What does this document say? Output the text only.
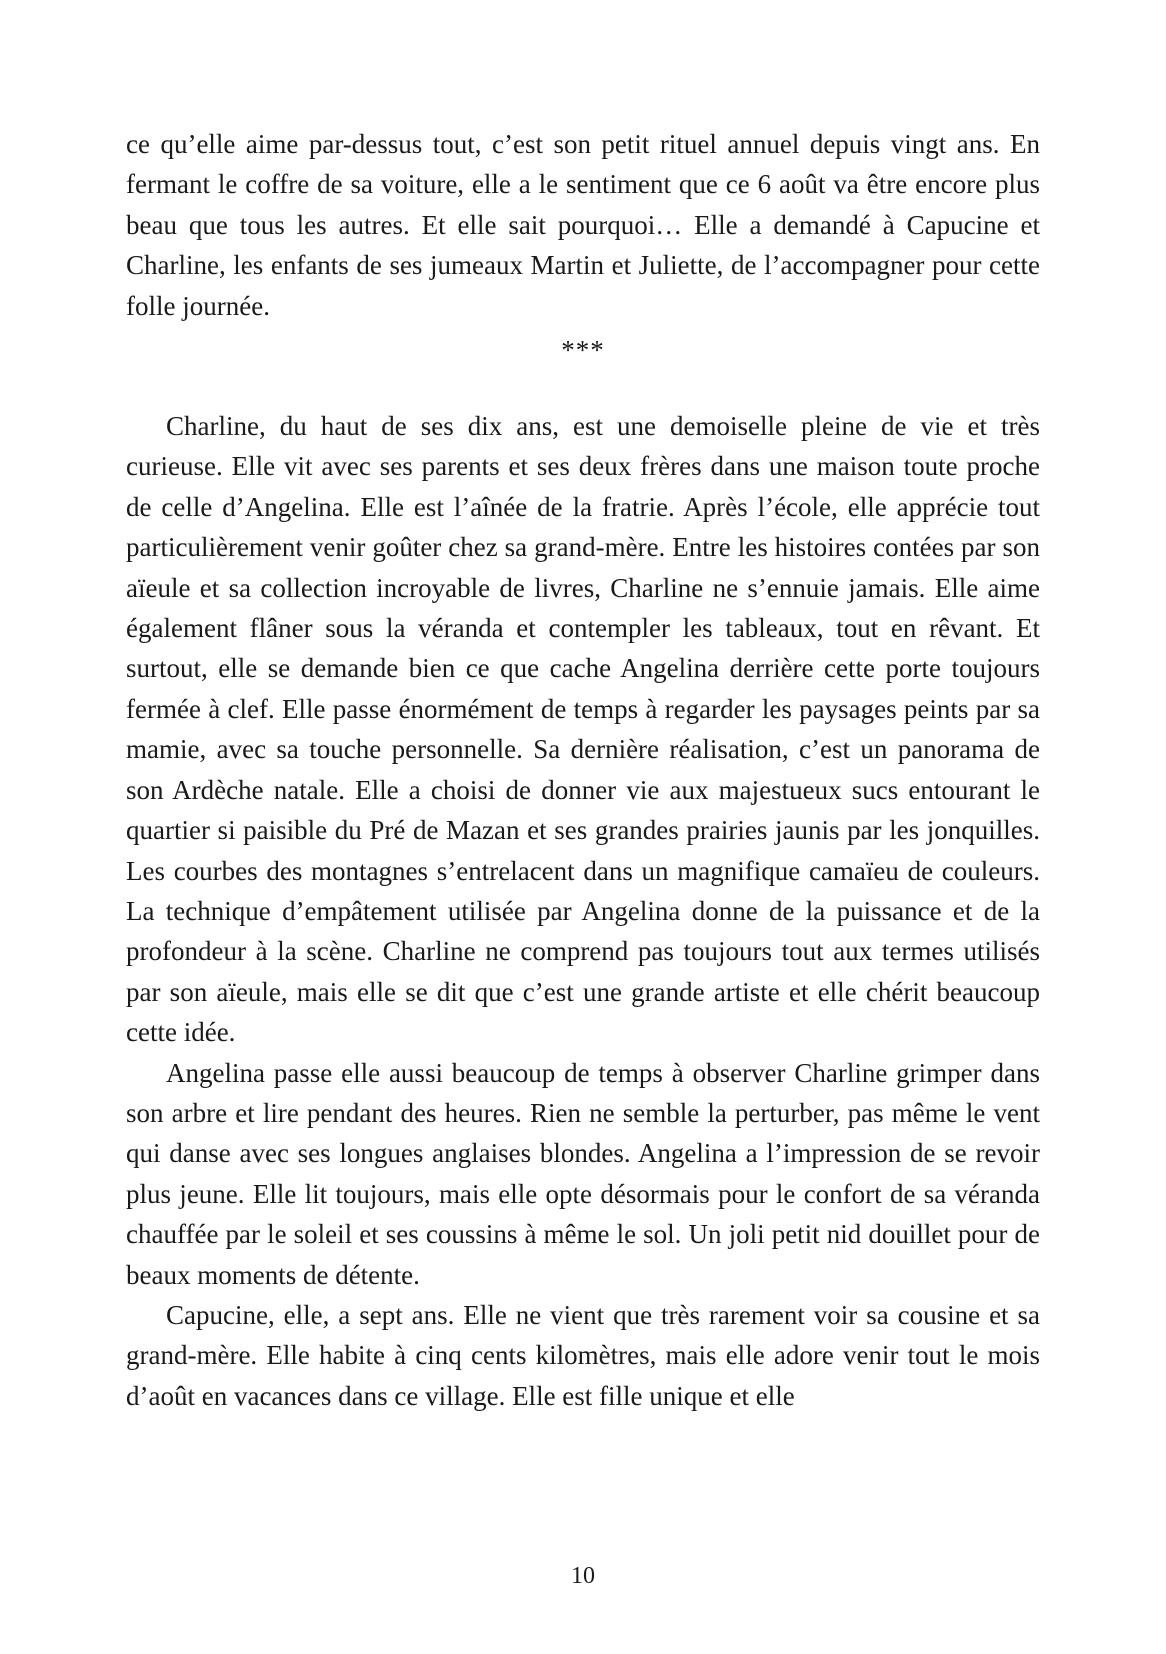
ce qu’elle aime par-dessus tout, c’est son petit rituel annuel depuis vingt ans. En fermant le coffre de sa voiture, elle a le sentiment que ce 6 août va être encore plus beau que tous les autres. Et elle sait pourquoi… Elle a demandé à Capucine et Charline, les enfants de ses jumeaux Martin et Juliette, de l’accompagner pour cette folle journée.

***

Charline, du haut de ses dix ans, est une demoiselle pleine de vie et très curieuse. Elle vit avec ses parents et ses deux frères dans une maison toute proche de celle d’Angelina. Elle est l’aînée de la fratrie. Après l’école, elle apprécie tout particulièrement venir goûter chez sa grand-mère. Entre les histoires contées par son aïeule et sa collection incroyable de livres, Charline ne s’ennuie jamais. Elle aime également flâner sous la véranda et contempler les tableaux, tout en rêvant. Et surtout, elle se demande bien ce que cache Angelina derrière cette porte toujours fermée à clef. Elle passe énormément de temps à regarder les paysages peints par sa mamie, avec sa touche personnelle. Sa dernière réalisation, c’est un panorama de son Ardèche natale. Elle a choisi de donner vie aux majestueux sucs entourant le quartier si paisible du Pré de Mazan et ses grandes prairies jaunis par les jonquilles. Les courbes des montagnes s’entrelacent dans un magnifique camaïeu de couleurs. La technique d’empâtement utilisée par Angelina donne de la puissance et de la profondeur à la scène. Charline ne comprend pas toujours tout aux termes utilisés par son aïeule, mais elle se dit que c’est une grande artiste et elle chérit beaucoup cette idée.

Angelina passe elle aussi beaucoup de temps à observer Charline grimper dans son arbre et lire pendant des heures. Rien ne semble la perturber, pas même le vent qui danse avec ses longues anglaises blondes. Angelina a l’impression de se revoir plus jeune. Elle lit toujours, mais elle opte désormais pour le confort de sa véranda chauffée par le soleil et ses coussins à même le sol. Un joli petit nid douillet pour de beaux moments de détente.

Capucine, elle, a sept ans. Elle ne vient que très rarement voir sa cousine et sa grand-mère. Elle habite à cinq cents kilomètres, mais elle adore venir tout le mois d’août en vacances dans ce village. Elle est fille unique et elle

10
